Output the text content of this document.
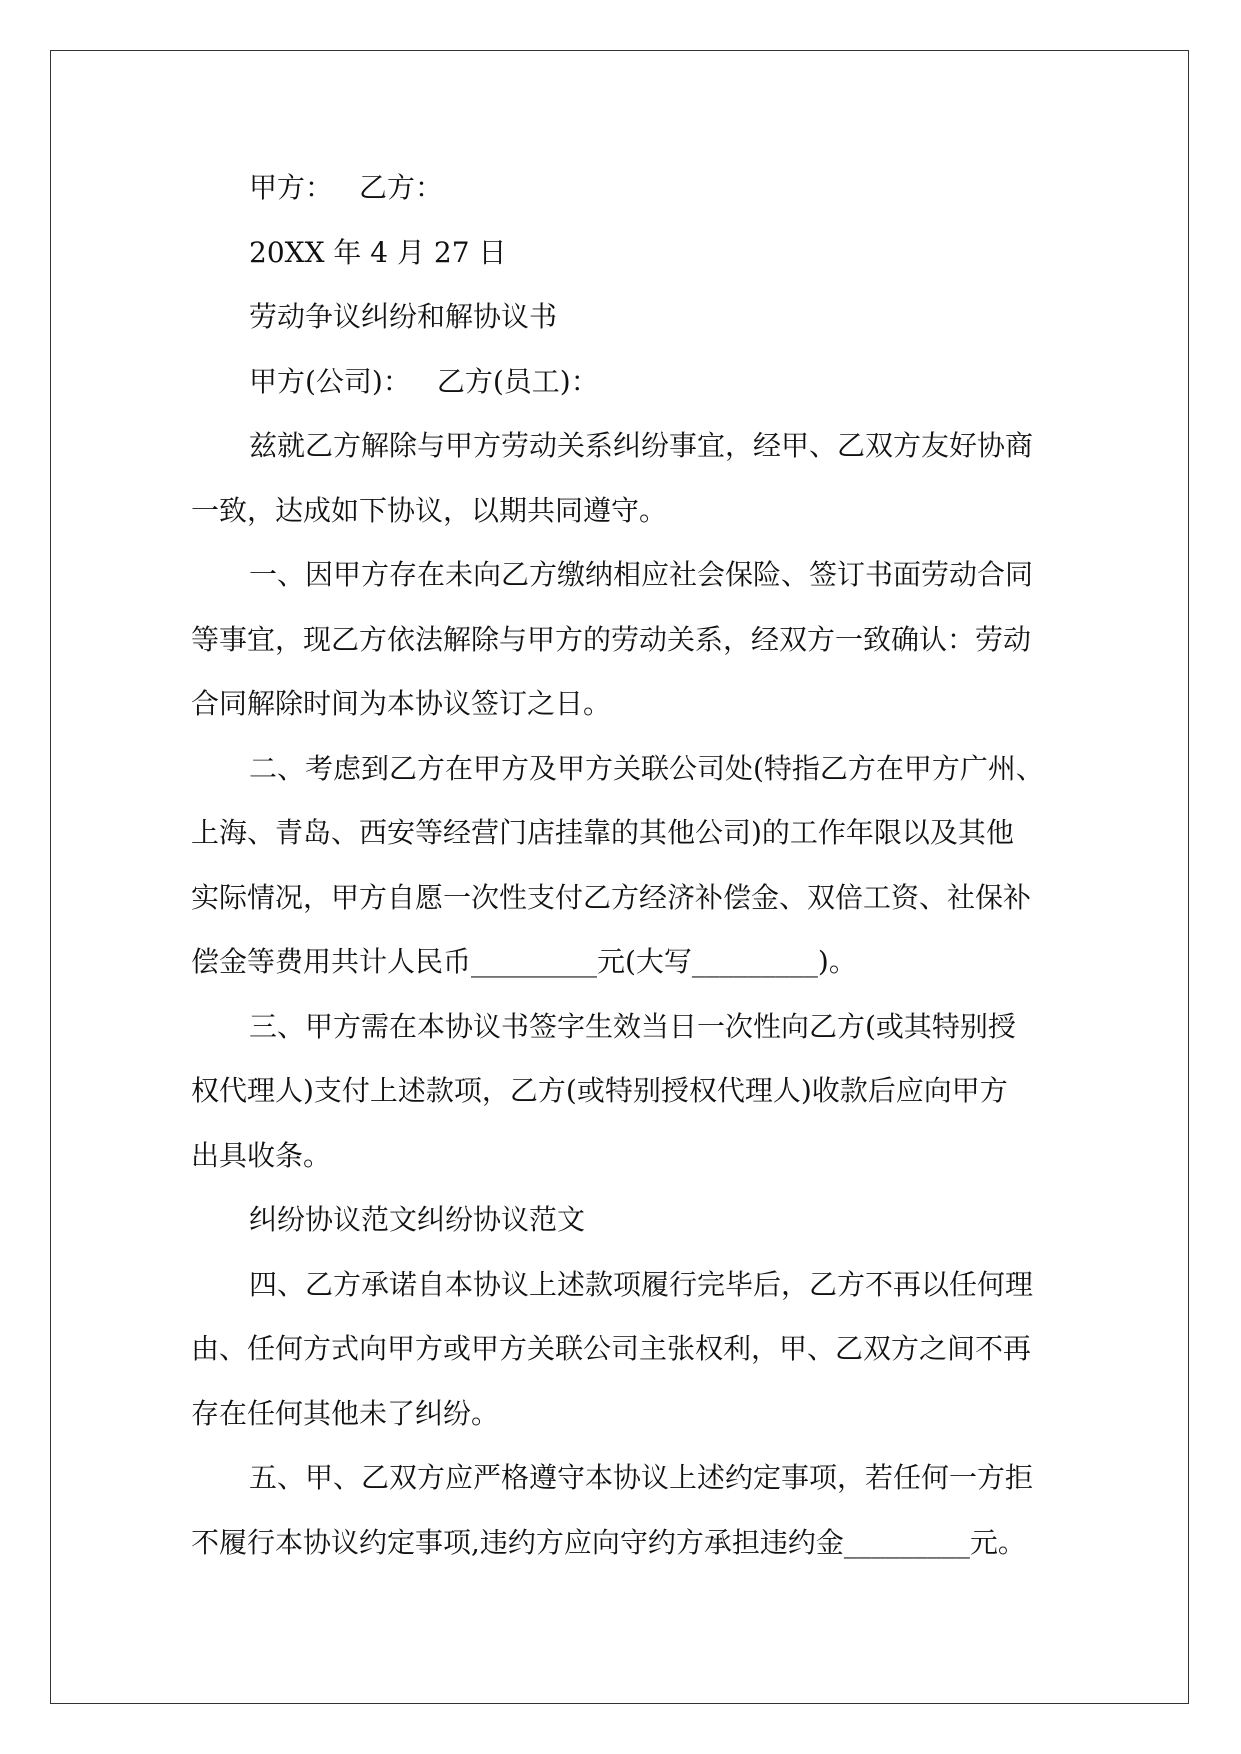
甲方： 乙方：
20XX 年 4 月 27 日
劳动争议纠纷和解协议书
甲方(公司)： 乙方(员工)：
兹就乙方解除与甲方劳动关系纠纷事宜，经甲、乙双方友好协商
一致，达成如下协议，以期共同遵守。
一、因甲方存在未向乙方缴纳相应社会保险、签订书面劳动合同
等事宜，现乙方依法解除与甲方的劳动关系，经双方一致确认：劳动
合同解除时间为本协议签订之日。
二、考虑到乙方在甲方及甲方关联公司处(特指乙方在甲方广州、
上海、青岛、西安等经营门店挂靠的其他公司)的工作年限以及其他
实际情况，甲方自愿一次性支付乙方经济补偿金、双倍工资、社保补
偿金等费用共计人民币_________元(大写_________)。
三、甲方需在本协议书签字生效当日一次性向乙方(或其特别授
权代理人)支付上述款项，乙方(或特别授权代理人)收款后应向甲方
出具收条。
纠纷协议范文纠纷协议范文
四、乙方承诺自本协议上述款项履行完毕后，乙方不再以任何理
由、任何方式向甲方或甲方关联公司主张权利，甲、乙双方之间不再
存在任何其他未了纠纷。
五、甲、乙双方应严格遵守本协议上述约定事项，若任何一方拒
不履行本协议约定事项,违约方应向守约方承担违约金_________元。
